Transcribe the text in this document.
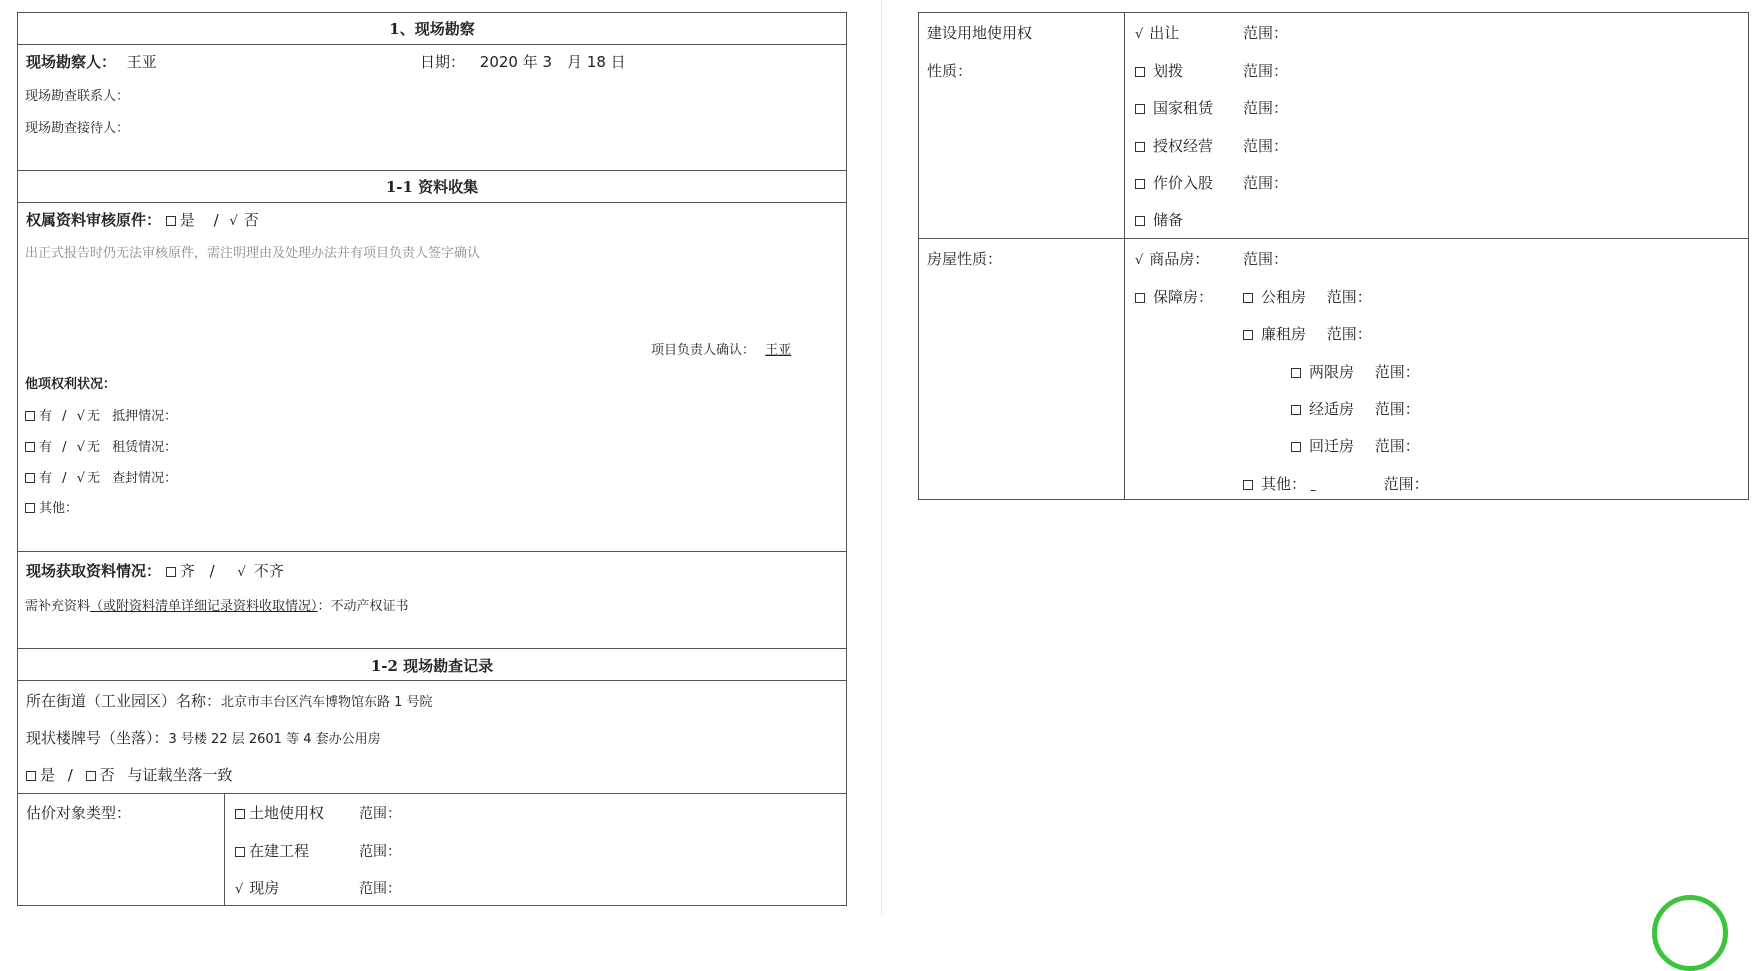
1、现场勘察
现场勘察人： 王亚	日期： 2020 年 3　月 18 日
现场勘查联系人：
现场勘查接待人：
1-1 资料收集
权属资料审核原件： 是 / √ 否
出正式报告时仍无法审核原件，需注明理由及处理办法并有项目负责人签字确认
项目负责人确认： 王亚
他项权利状况：
有 / √ 无 抵押情况：
有 / √ 无 租赁情况：
有 / √ 无 查封情况：
其他：
现场获取资料情况： 齐 / √ 不齐
需补充资料（或附资料清单详细记录资料收取情况）：不动产权证书
1-2 现场勘查记录
所在街道（工业园区）名称：北京市丰台区汽车博物馆东路 1 号院
现状楼牌号（坐落）：3 号楼 22 层 2601 等 4 套办公用房
是 / 否 与证载坐落一致
估价对象类型：	土地使用权 范围：
在建工程	范围：
√ 现房	范围：
建设用地使用权
性质：
√ 出让	范围：
划拨	范围：
国家租赁 范围：
授权经营 范围：
作价入股 范围：
储备
房屋性质：	√ 商品房： 范围：
保障房：	公租房 范围：
廉租房 范围：
两限房 范围：
经适房 范围：
回迁房 范围：
其他：	范围：
